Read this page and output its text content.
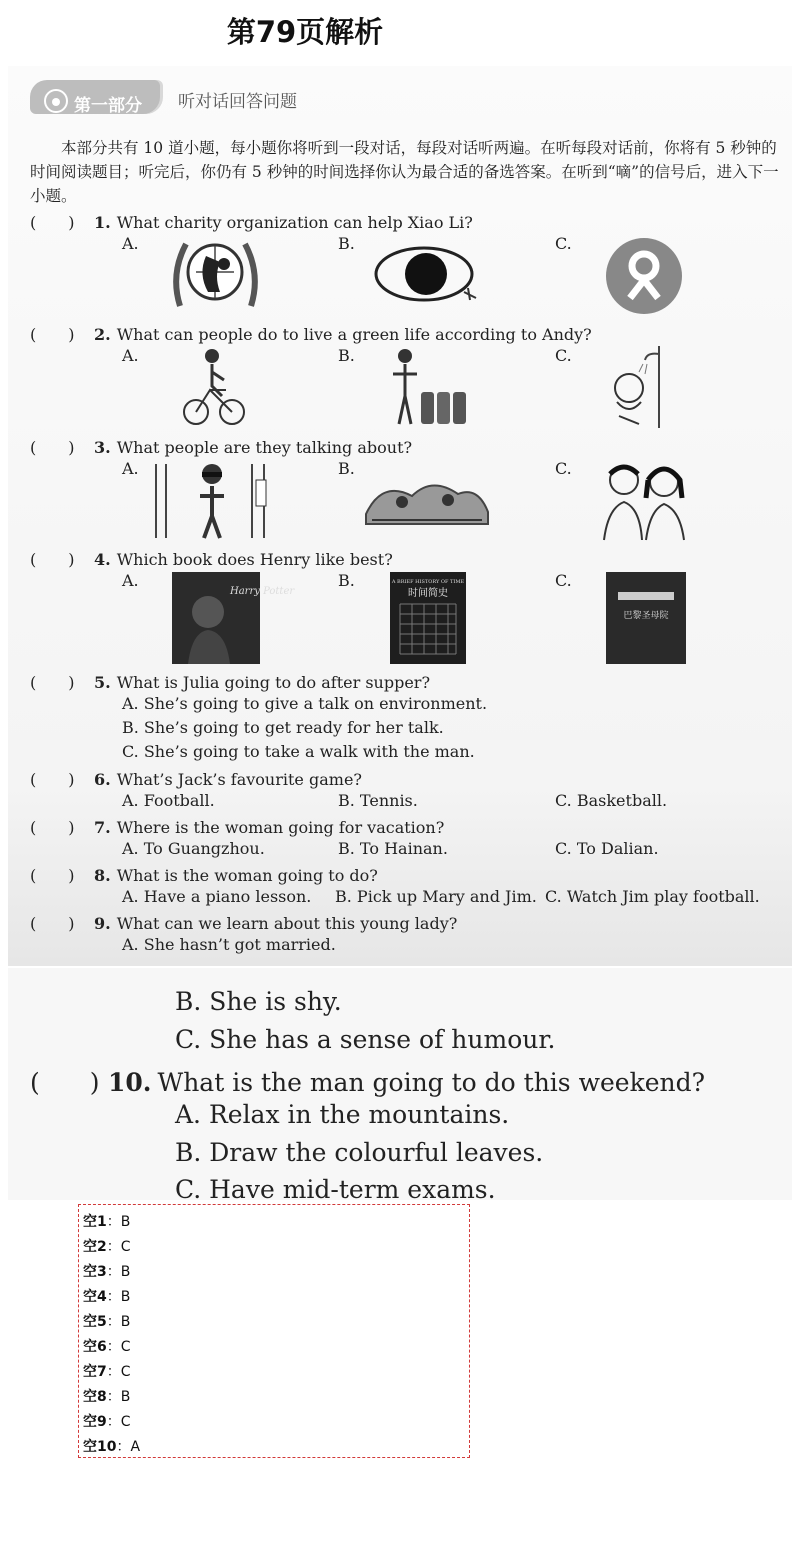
第79页解析
第一部分 听对话回答问题
本部分共有 10 道小题，每小题你将听到一段对话，每段对话听两遍。在听每段对话前，你将有 5 秒钟的时间阅读题目；听完后，你仍有 5 秒钟的时间选择你认为最合适的备选答案。在听到“嘀”的信号后，进入下一小题。
(　　) 1. What charity organization can help Xiao Li?
A.	B.	C.
(　　) 2. What can people do to live a green life according to Andy?
A.	B.	C.
(　　) 3. What people are they talking about?
A.	B.	C.
(　　) 4. Which book does Henry like best?
A.	B.	C.
Harry Potter
A BRIEF HISTORY OF TIME
时间简史
巴黎圣母院
(　　) 5. What is Julia going to do after supper?
A. She’s going to give a talk on environment.
B. She’s going to get ready for her talk.
C. She’s going to take a walk with the man.
(　　) 6. What’s Jack’s favourite game?
A. Football.	B. Tennis.	C. Basketball.
(　　) 7. Where is the woman going for vacation?
A. To Guangzhou.	B. To Hainan.	C. To Dalian.
(　　) 8. What is the woman going to do?
A. Have a piano lesson. B. Pick up Mary and Jim. C. Watch Jim play football.
(　　) 9. What can we learn about this young lady?
A. She hasn’t got married.
B. She is shy.
C. She has a sense of humour.
(　　) 10. What is the man going to do this weekend?
A. Relax in the mountains.
B. Draw the colourful leaves.
C. Have mid-term exams.
空1：B
空2：C
空3：B
空4：B
空5：B
空6：C
空7：C
空8：B
空9：C
空10：A
